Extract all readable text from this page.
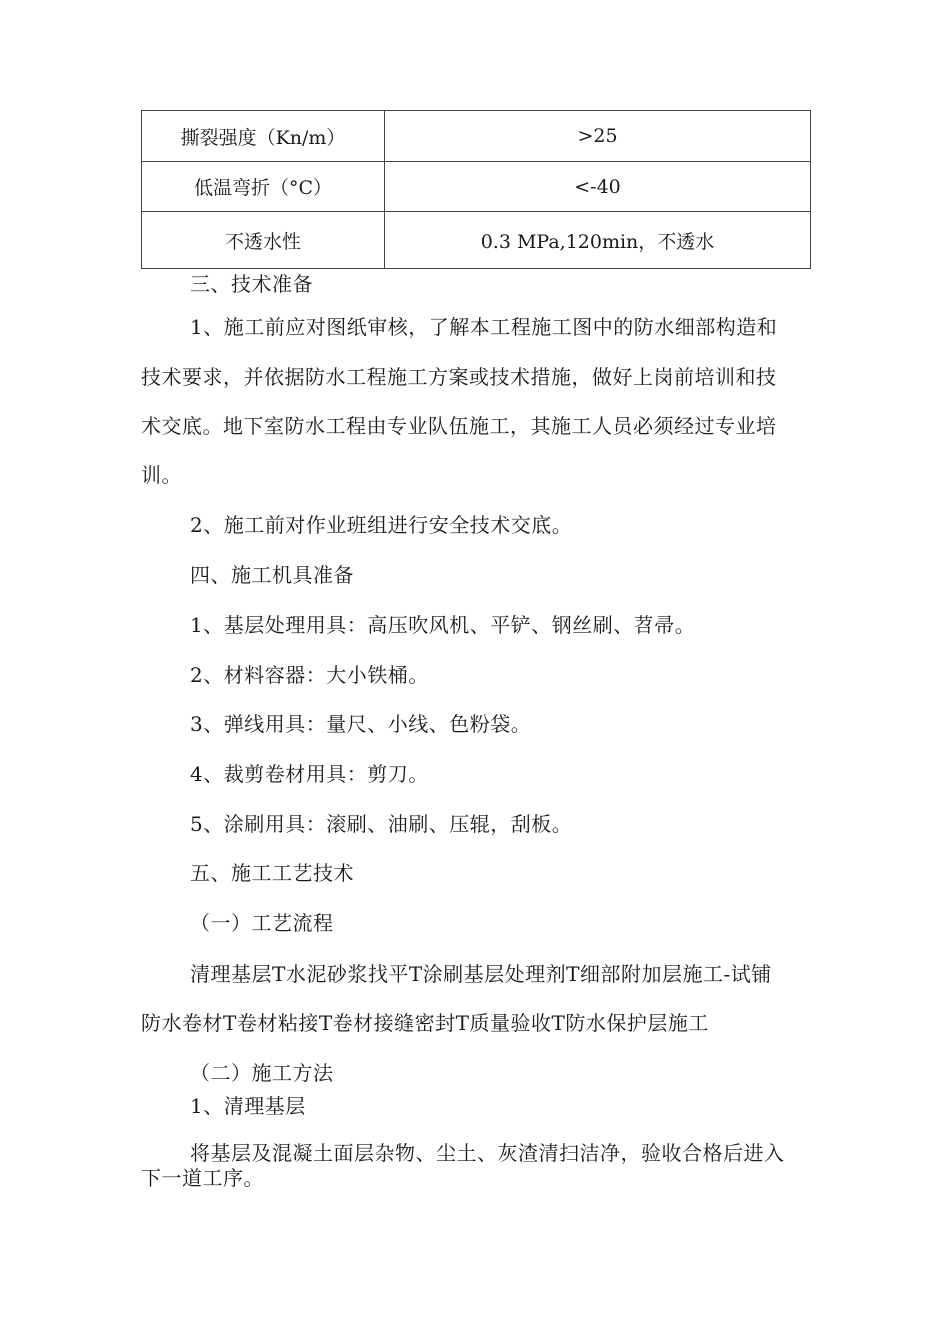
撕裂强度（Kn/m）	>25
低温弯折（°C）	<-40
不透水性	0.3 MPa,120min，不透水
三、技术准备
1、施工前应对图纸审核，了解本工程施工图中的防水细部构造和
技术要求，并依据防水工程施工方案或技术措施，做好上岗前培训和技
术交底。地下室防水工程由专业队伍施工，其施工人员必须经过专业培
训。
2、施工前对作业班组进行安全技术交底。
四、施工机具准备
1、基层处理用具：高压吹风机、平铲、钢丝刷、苕帚。
2、材料容器：大小铁桶。
3、弹线用具：量尺、小线、色粉袋。
4、裁剪卷材用具：剪刀。
5、涂刷用具：滚刷、油刷、压辊，刮板。
五、施工工艺技术
（一）工艺流程
清理基层T水泥砂浆找平T涂刷基层处理剂T细部附加层施工-试铺
防水卷材T卷材粘接T卷材接缝密封T质量验收T防水保护层施工
（二）施工方法
1、清理基层
将基层及混凝土面层杂物、尘土、灰渣清扫洁净，验收合格后进入
下一道工序。
